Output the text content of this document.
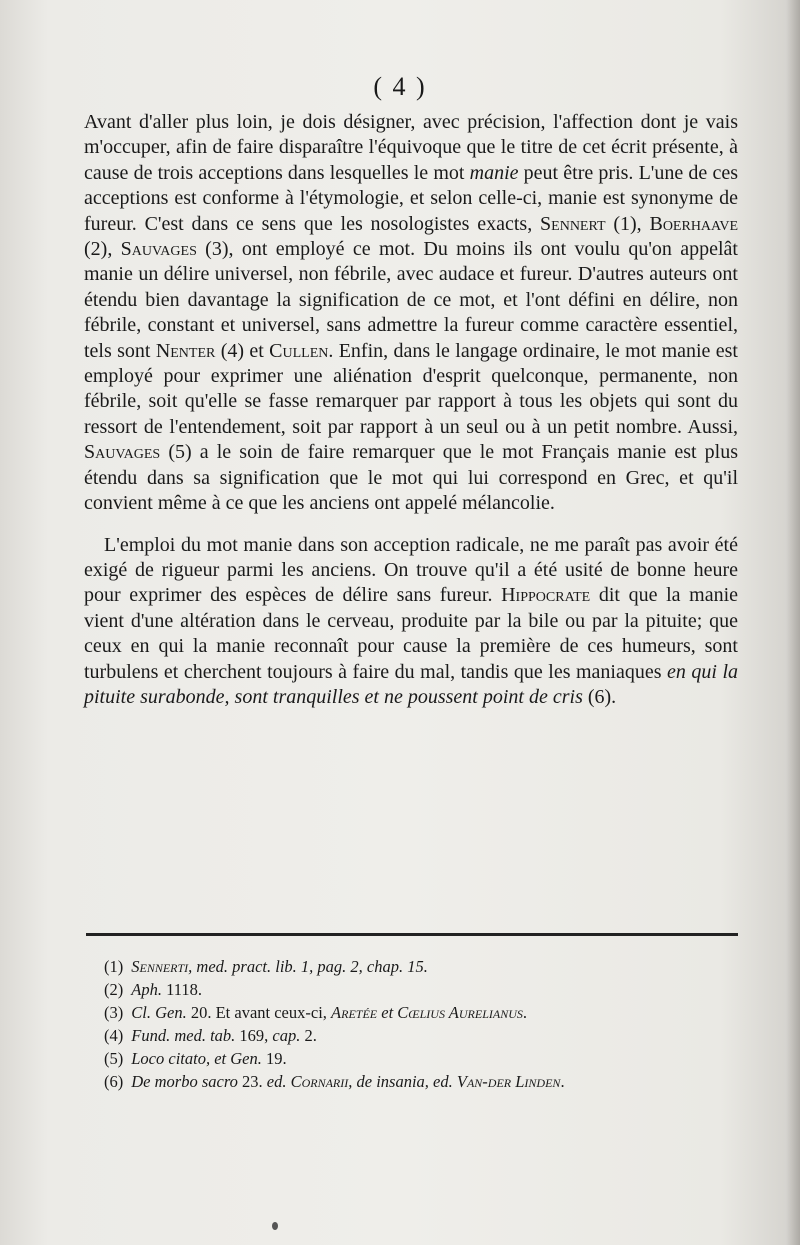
( 4 )

Avant d'aller plus loin, je dois désigner, avec précision, l'affection dont je vais m'occuper, afin de faire disparaître l'équivoque que le titre de cet écrit présente, à cause de trois acceptions dans lesquelles le mot manie peut être pris. L'une de ces acceptions est conforme à l'étymologie, et selon celle-ci, manie est synonyme de fureur. C'est dans ce sens que les nosologistes exacts, Sennert (1), Boerhaave (2), Sauvages (3), ont employé ce mot. Du moins ils ont voulu qu'on appelât manie un délire universel, non fébrile, avec audace et fureur. D'autres auteurs ont étendu bien davantage la signification de ce mot, et l'ont défini en délire, non fébrile, constant et universel, sans admettre la fureur comme caractère essentiel, tels sont Nenter (4) et Cullen. Enfin, dans le langage ordinaire, le mot manie est employé pour exprimer une aliénation d'esprit quelconque, permanente, non fébrile, soit qu'elle se fasse remarquer par rapport à tous les objets qui sont du ressort de l'entendement, soit par rapport à un seul ou à un petit nombre. Aussi, Sauvages (5) a le soin de faire remarquer que le mot Français manie est plus étendu dans sa signification que le mot qui lui correspond en Grec, et qu'il convient même à ce que les anciens ont appelé mélancolie.

L'emploi du mot manie dans son acception radicale, ne me paraît pas avoir été exigé de rigueur parmi les anciens. On trouve qu'il a été usité de bonne heure pour exprimer des espèces de délire sans fureur. Hippocrate dit que la manie vient d'une altération dans le cerveau, produite par la bile ou par la pituite; que ceux en qui la manie reconnaît pour cause la première de ces humeurs, sont turbulens et cherchent toujours à faire du mal, tandis que les maniaques en qui la pituite surabonde, sont tranquilles et ne poussent point de cris (6).

(1) Sennerti, med. pract. lib. 1, pag. 2, chap. 15.
(2) Aph. 1118.
(3) Cl. Gen. 20. Et avant ceux-ci, Aretée et Cœlius Aurelianus.
(4) Fund. med. tab. 169, cap. 2.
(5) Loco citato, et Gen. 19.
(6) De morbo sacro 23. ed. Cornarii, de insania, ed. Van-der Linden.
